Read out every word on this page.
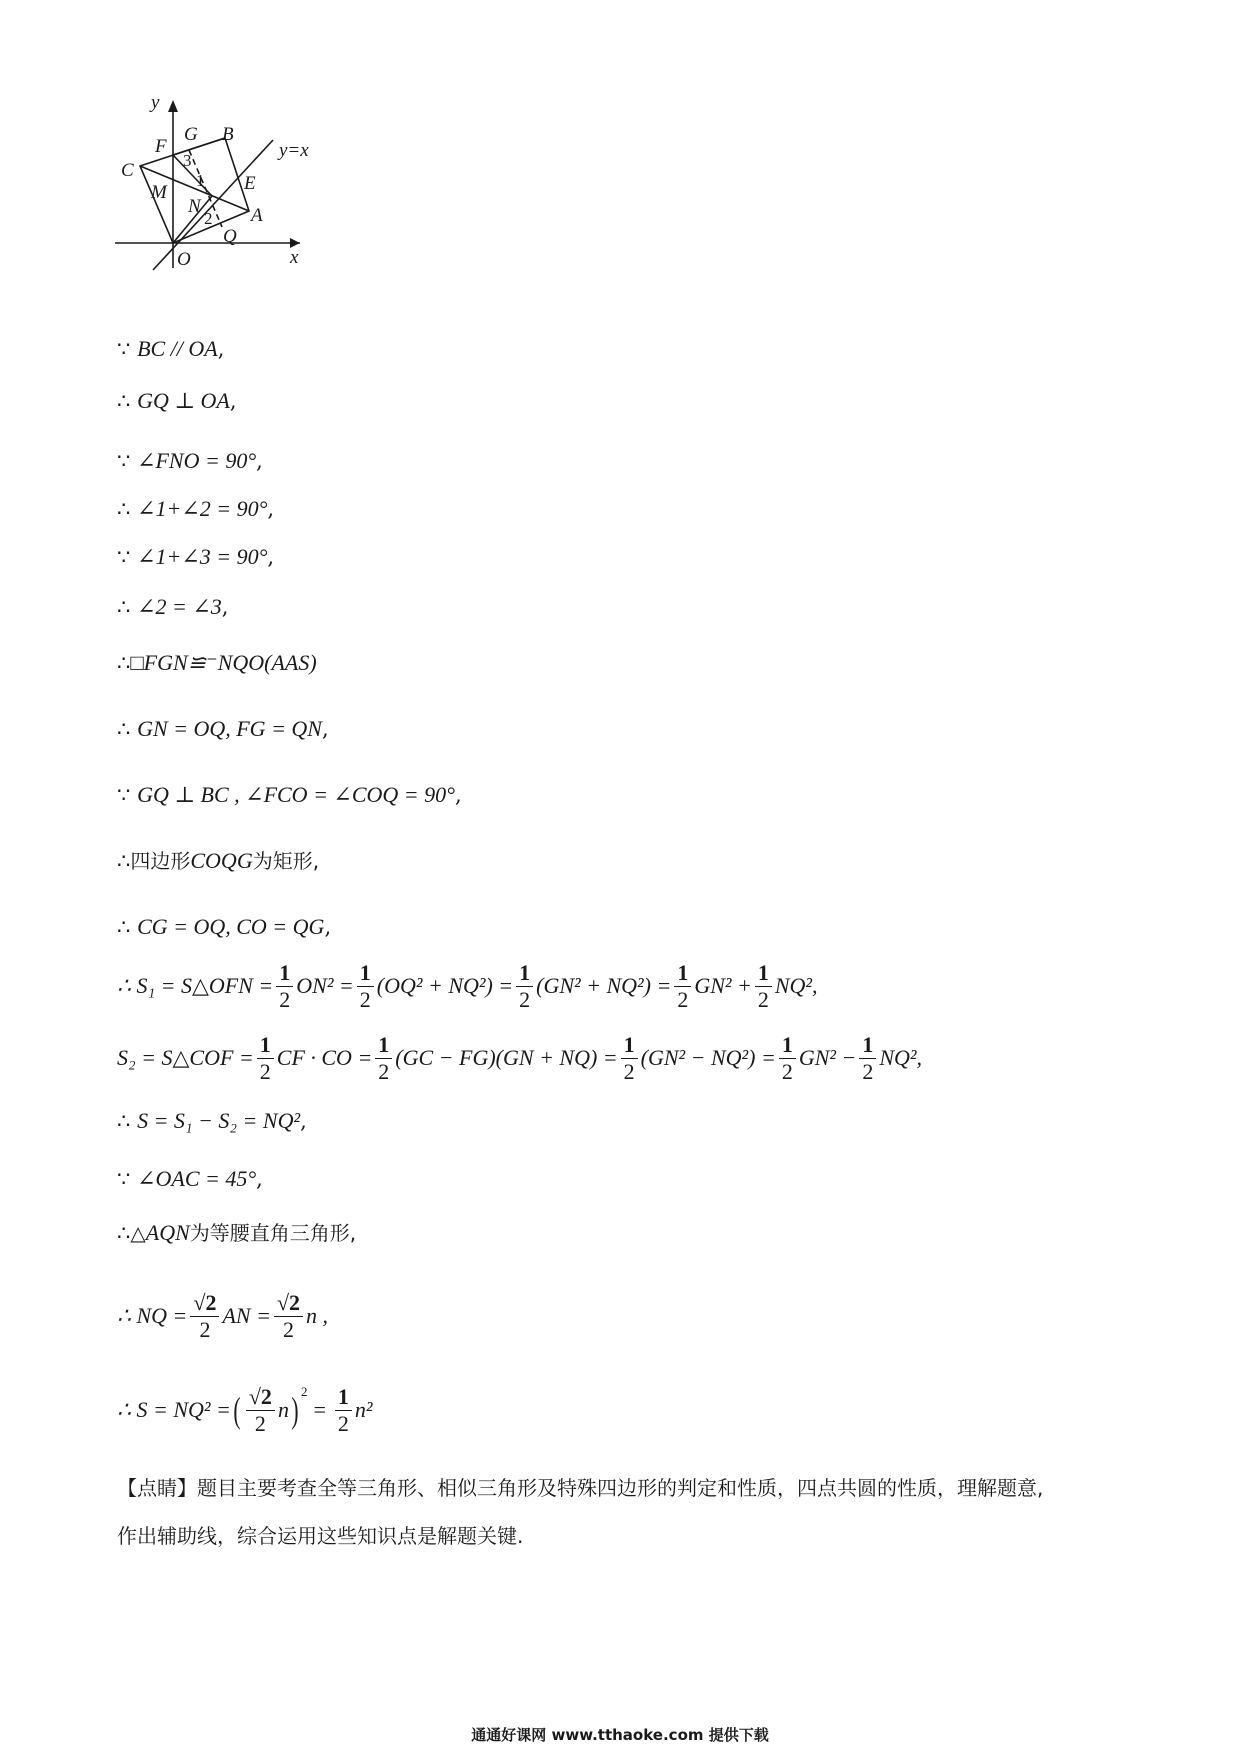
y
x
O
y=x
F
G B
C
E
M
N	A
Q
1
2
3
∵ BC // OA,
∴ GQ ⊥ OA,
∵ ∠FNO = 90°,
∴ ∠1+∠2 = 90°,
∵ ∠1+∠3 = 90°,
∴ ∠2 = ∠3,
∴□FGN≌⁻NQO(AAS)
∴ GN = OQ, FG = QN,
∵ GQ ⊥ BC , ∠FCO = ∠COQ = 90°,
∴四边形COQG为矩形,
∴ CG = OQ, CO = QG,
∴ S₁ = S△OFN = $\frac{1}{2} ON^2 = \frac{1}{2} (OQ^2 + NQ^2) = \frac{1}{2} (GN^2 + NQ^2) = \frac{1}{2} GN^2 + \frac{1}{2} NQ^2$,
S₂ = S△COF = $\frac{1}{2}$ CF · CO = $\frac{1}{2} (GC - FG)(GN + NQ) = \frac{1}{2} (GN^2 - NQ^2) = \frac{1}{2} GN^2 - \frac{1}{2} NQ^2$,
∴ S = S₁ − S₂ = NQ²,
∵ ∠OAC = 45°,
∴△AQN为等腰直角三角形,
∴ NQ = $\frac{√2}{2}$ AN = $\frac{√2}{2}$ n ,
∴ S = NQ² = ( $\frac{√2}{2}$ n )$^2$
= $\frac{1}{2} n^2$
【点睛】题目主要考查全等三角形、相似三角形及特殊四边形的判定和性质，四点共圆的性质，理解题意,
作出辅助线，综合运用这些知识点是解题关键.
通通好课网 www.tthaoke.com 提供下载
